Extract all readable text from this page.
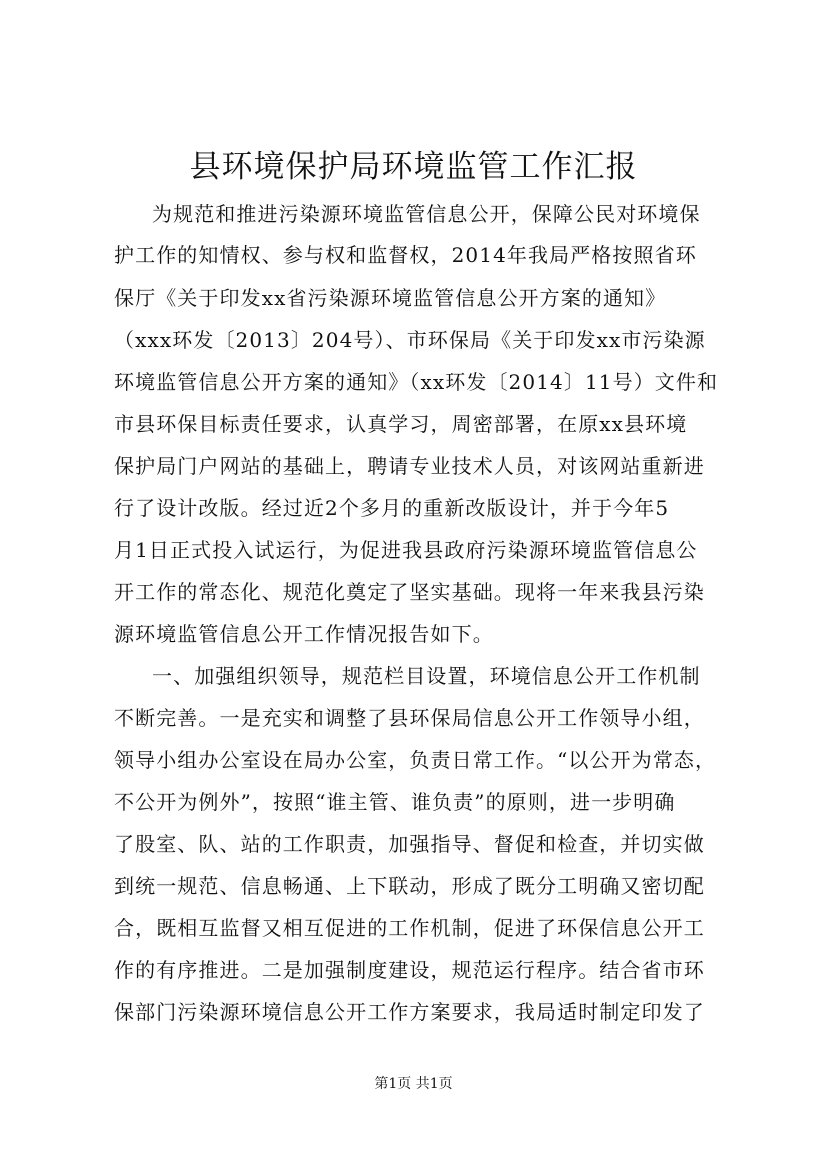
县环境保护局环境监管工作汇报
为规范和推进污染源环境监管信息公开，保障公民对环境保
护工作的知情权、参与权和监督权，2014年我局严格按照省环
保厅《关于印发xx省污染源环境监管信息公开方案的通知》
（xxx环发〔2013〕204号）、市环保局《关于印发xx市污染源
环境监管信息公开方案的通知》（xx环发〔2014〕11号）文件和
市县环保目标责任要求，认真学习，周密部署，在原xx县环境
保护局门户网站的基础上，聘请专业技术人员，对该网站重新进
行了设计改版。经过近2个多月的重新改版设计，并于今年5
月1日正式投入试运行，为促进我县政府污染源环境监管信息公
开工作的常态化、规范化奠定了坚实基础。现将一年来我县污染
源环境监管信息公开工作情况报告如下。
一、加强组织领导，规范栏目设置，环境信息公开工作机制
不断完善。一是充实和调整了县环保局信息公开工作领导小组，
领导小组办公室设在局办公室，负责日常工作。“以公开为常态，
不公开为例外”，按照“谁主管、谁负责”的原则，进一步明确
了股室、队、站的工作职责，加强指导、督促和检查，并切实做
到统一规范、信息畅通、上下联动，形成了既分工明确又密切配
合，既相互监督又相互促进的工作机制，促进了环保信息公开工
作的有序推进。二是加强制度建设，规范运行程序。结合省市环
保部门污染源环境信息公开工作方案要求，我局适时制定印发了
第1页 共1页
